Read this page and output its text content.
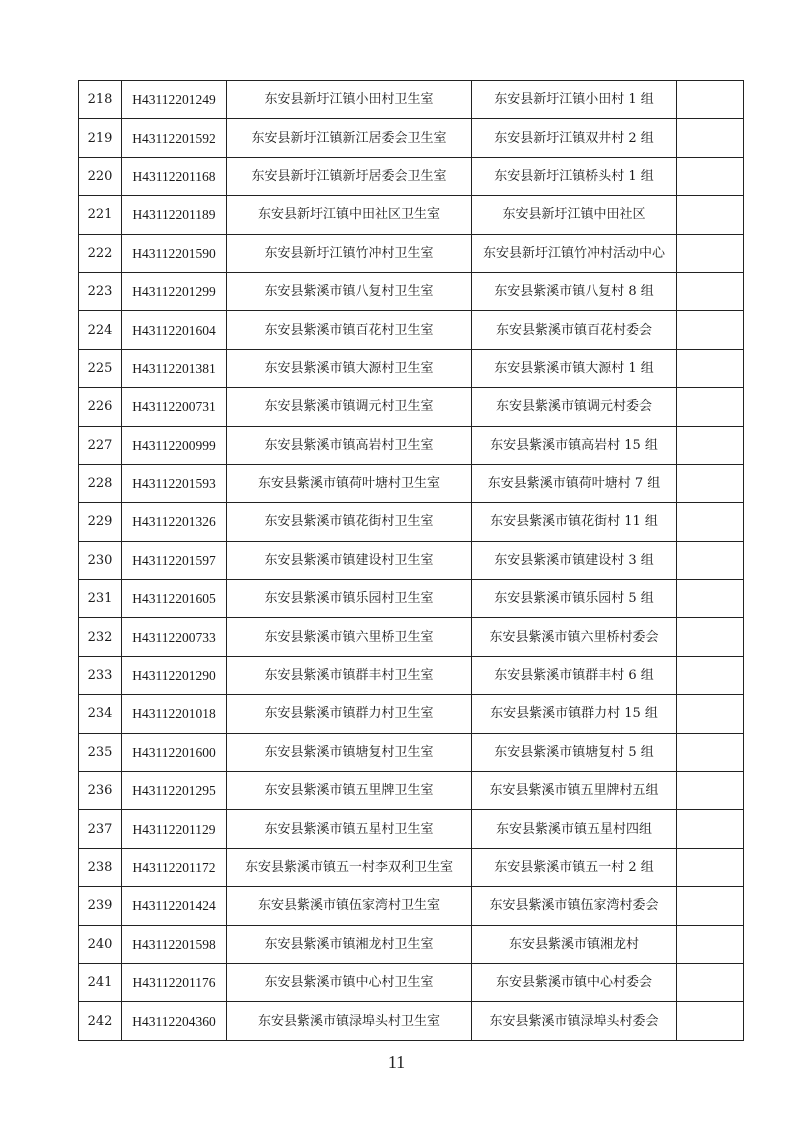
218	H43112201249	东安县新圩江镇小田村卫生室	东安县新圩江镇小田村 1 组	
219	H43112201592	东安县新圩江镇新江居委会卫生室	东安县新圩江镇双井村 2 组	
220	H43112201168	东安县新圩江镇新圩居委会卫生室	东安县新圩江镇桥头村 1 组	
221	H43112201189	东安县新圩江镇中田社区卫生室	东安县新圩江镇中田社区	
222	H43112201590	东安县新圩江镇竹冲村卫生室	东安县新圩江镇竹冲村活动中心	
223	H43112201299	东安县紫溪市镇八复村卫生室	东安县紫溪市镇八复村 8 组	
224	H43112201604	东安县紫溪市镇百花村卫生室	东安县紫溪市镇百花村委会	
225	H43112201381	东安县紫溪市镇大源村卫生室	东安县紫溪市镇大源村 1 组	
226	H43112200731	东安县紫溪市镇调元村卫生室	东安县紫溪市镇调元村委会	
227	H43112200999	东安县紫溪市镇高岩村卫生室	东安县紫溪市镇高岩村 15 组	
228	H43112201593	东安县紫溪市镇荷叶塘村卫生室	东安县紫溪市镇荷叶塘村 7 组	
229	H43112201326	东安县紫溪市镇花街村卫生室	东安县紫溪市镇花街村 11 组	
230	H43112201597	东安县紫溪市镇建设村卫生室	东安县紫溪市镇建设村 3 组	
231	H43112201605	东安县紫溪市镇乐园村卫生室	东安县紫溪市镇乐园村 5 组	
232	H43112200733	东安县紫溪市镇六里桥卫生室	东安县紫溪市镇六里桥村委会	
233	H43112201290	东安县紫溪市镇群丰村卫生室	东安县紫溪市镇群丰村 6 组	
234	H43112201018	东安县紫溪市镇群力村卫生室	东安县紫溪市镇群力村 15 组	
235	H43112201600	东安县紫溪市镇塘复村卫生室	东安县紫溪市镇塘复村 5 组	
236	H43112201295	东安县紫溪市镇五里牌卫生室	东安县紫溪市镇五里牌村五组	
237	H43112201129	东安县紫溪市镇五星村卫生室	东安县紫溪市镇五星村四组	
238	H43112201172	东安县紫溪市镇五一村李双利卫生室	东安县紫溪市镇五一村 2 组	
239	H43112201424	东安县紫溪市镇伍家湾村卫生室	东安县紫溪市镇伍家湾村委会	
240	H43112201598	东安县紫溪市镇湘龙村卫生室	东安县紫溪市镇湘龙村	
241	H43112201176	东安县紫溪市镇中心村卫生室	东安县紫溪市镇中心村委会	
242	H43112204360	东安县紫溪市镇渌埠头村卫生室	东安县紫溪市镇渌埠头村委会	
11
